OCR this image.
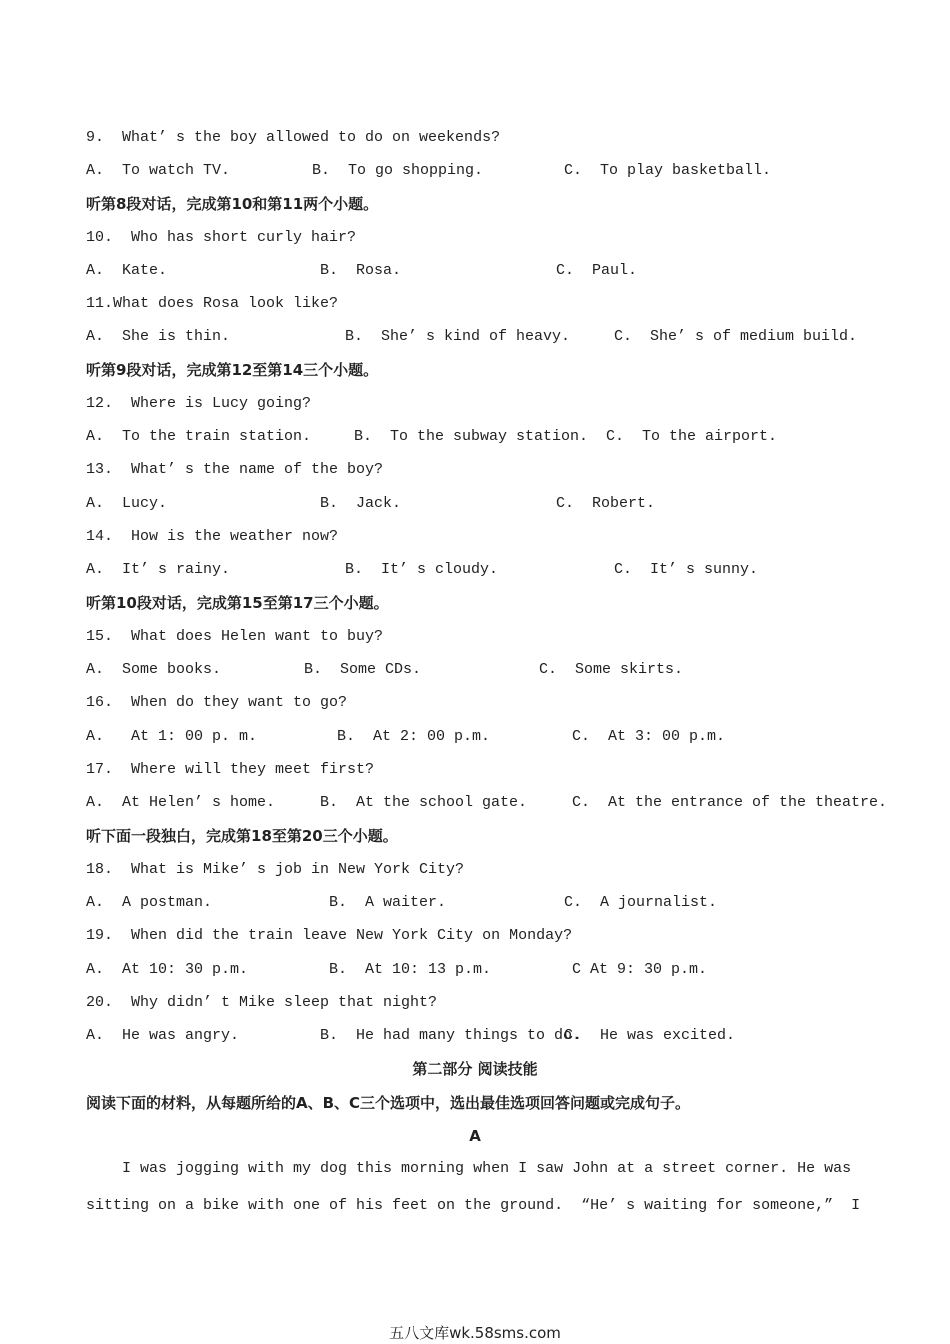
9.  What’ s the boy allowed to do on weekends?
A.  To watch TV.	B.  To go shopping.	C.  To play basketball.
听第8段对话，完成第10和第11两个小题。
10.  Who has short curly hair?
A.  Kate.	B.  Rosa.	C.  Paul.
11.What does Rosa look like?
A.  She is thin.	B.  She’ s kind of heavy.	C.  She’ s of medium build.
听第9段对话，完成第12至第14三个小题。
12.  Where is Lucy going?
A.  To the train station.	B.  To the subway station. C.  To the airport.
13.  What’ s the name of the boy?
A.  Lucy.	B.  Jack.	C.  Robert.
14.  How is the weather now?
A.  It’ s rainy.	B.  It’ s cloudy.	C.  It’ s sunny.
听第10段对话，完成第15至第17三个小题。
15.  What does Helen want to buy?
A.  Some books.	B.  Some CDs.	C.  Some skirts.
16.  When do they want to go?
A.   At 1: 00 p. m.	B.  At 2: 00 p.m.	C.  At 3: 00 p.m.
17.  Where will they meet first?
A.  At Helen’ s home.	B.  At the school gate.	C.  At the entrance of the theatre.
听下面一段独白，完成第18至第20三个小题。
18.  What is Mike’ s job in New York City?
A.  A postman.	B.  A waiter.	C.  A journalist.
19.  When did the train leave New York City on Monday?
A.  At 10: 30 p.m.	B.  At 10: 13 p.m.	C At 9: 30 p.m.
20.  Why didn’ t Mike sleep that night?
A.  He was angry.	B.  He had many things to do.
C.  He was excited.
第二部分 阅读技能
阅读下面的材料，从每题所给的A、B、C三个选项中，选出最佳选项回答问题或完成句子。
A
I was jogging with my dog this morning when I saw John at a street corner. He was
sitting on a bike with one of his feet on the ground.  “He’ s waiting for someone,”  I
五八文库wk.58sms.com
